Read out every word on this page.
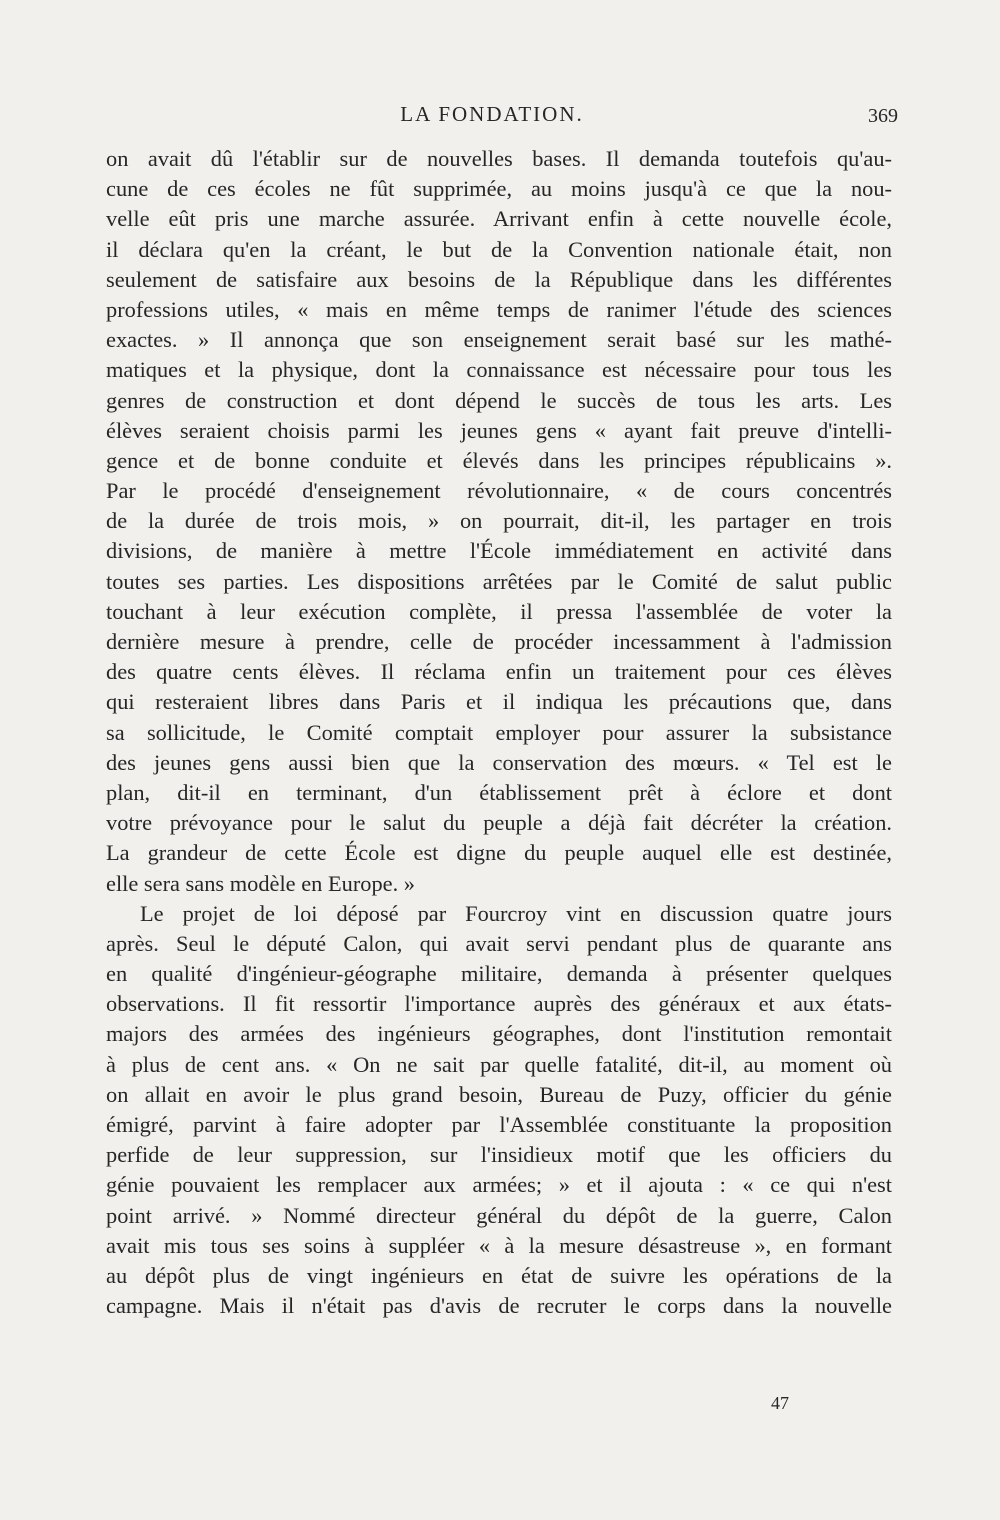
LA FONDATION.	369
on avait dû l'établir sur de nouvelles bases. Il demanda toutefois qu'au-
cune de ces écoles ne fût supprimée, au moins jusqu'à ce que la nou-
velle eût pris une marche assurée. Arrivant enfin à cette nouvelle école,
il déclara qu'en la créant, le but de la Convention nationale était, non
seulement de satisfaire aux besoins de la République dans les différentes
professions utiles, « mais en même temps de ranimer l'étude des sciences
exactes. » Il annonça que son enseignement serait basé sur les mathé-
matiques et la physique, dont la connaissance est nécessaire pour tous les
genres de construction et dont dépend le succès de tous les arts. Les
élèves seraient choisis parmi les jeunes gens « ayant fait preuve d'intelli-
gence et de bonne conduite et élevés dans les principes républicains ».
Par le procédé d'enseignement révolutionnaire, « de cours concentrés
de la durée de trois mois, » on pourrait, dit-il, les partager en trois
divisions, de manière à mettre l'École immédiatement en activité dans
toutes ses parties. Les dispositions arrêtées par le Comité de salut public
touchant à leur exécution complète, il pressa l'assemblée de voter la
dernière mesure à prendre, celle de procéder incessamment à l'admission
des quatre cents élèves. Il réclama enfin un traitement pour ces élèves
qui resteraient libres dans Paris et il indiqua les précautions que, dans
sa sollicitude, le Comité comptait employer pour assurer la subsistance
des jeunes gens aussi bien que la conservation des mœurs. « Tel est le
plan, dit-il en terminant, d'un établissement prêt à éclore et dont
votre prévoyance pour le salut du peuple a déjà fait décréter la création.
La grandeur de cette École est digne du peuple auquel elle est destinée,
elle sera sans modèle en Europe. »
Le projet de loi déposé par Fourcroy vint en discussion quatre jours
après. Seul le député Calon, qui avait servi pendant plus de quarante ans
en qualité d'ingénieur-géographe militaire, demanda à présenter quelques
observations. Il fit ressortir l'importance auprès des généraux et aux états-
majors des armées des ingénieurs géographes, dont l'institution remontait
à plus de cent ans. « On ne sait par quelle fatalité, dit-il, au moment où
on allait en avoir le plus grand besoin, Bureau de Puzy, officier du génie
émigré, parvint à faire adopter par l'Assemblée constituante la proposition
perfide de leur suppression, sur l'insidieux motif que les officiers du
génie pouvaient les remplacer aux armées; » et il ajouta : « ce qui n'est
point arrivé. » Nommé directeur général du dépôt de la guerre, Calon
avait mis tous ses soins à suppléer « à la mesure désastreuse », en formant
au dépôt plus de vingt ingénieurs en état de suivre les opérations de la
campagne. Mais il n'était pas d'avis de recruter le corps dans la nouvelle
47
